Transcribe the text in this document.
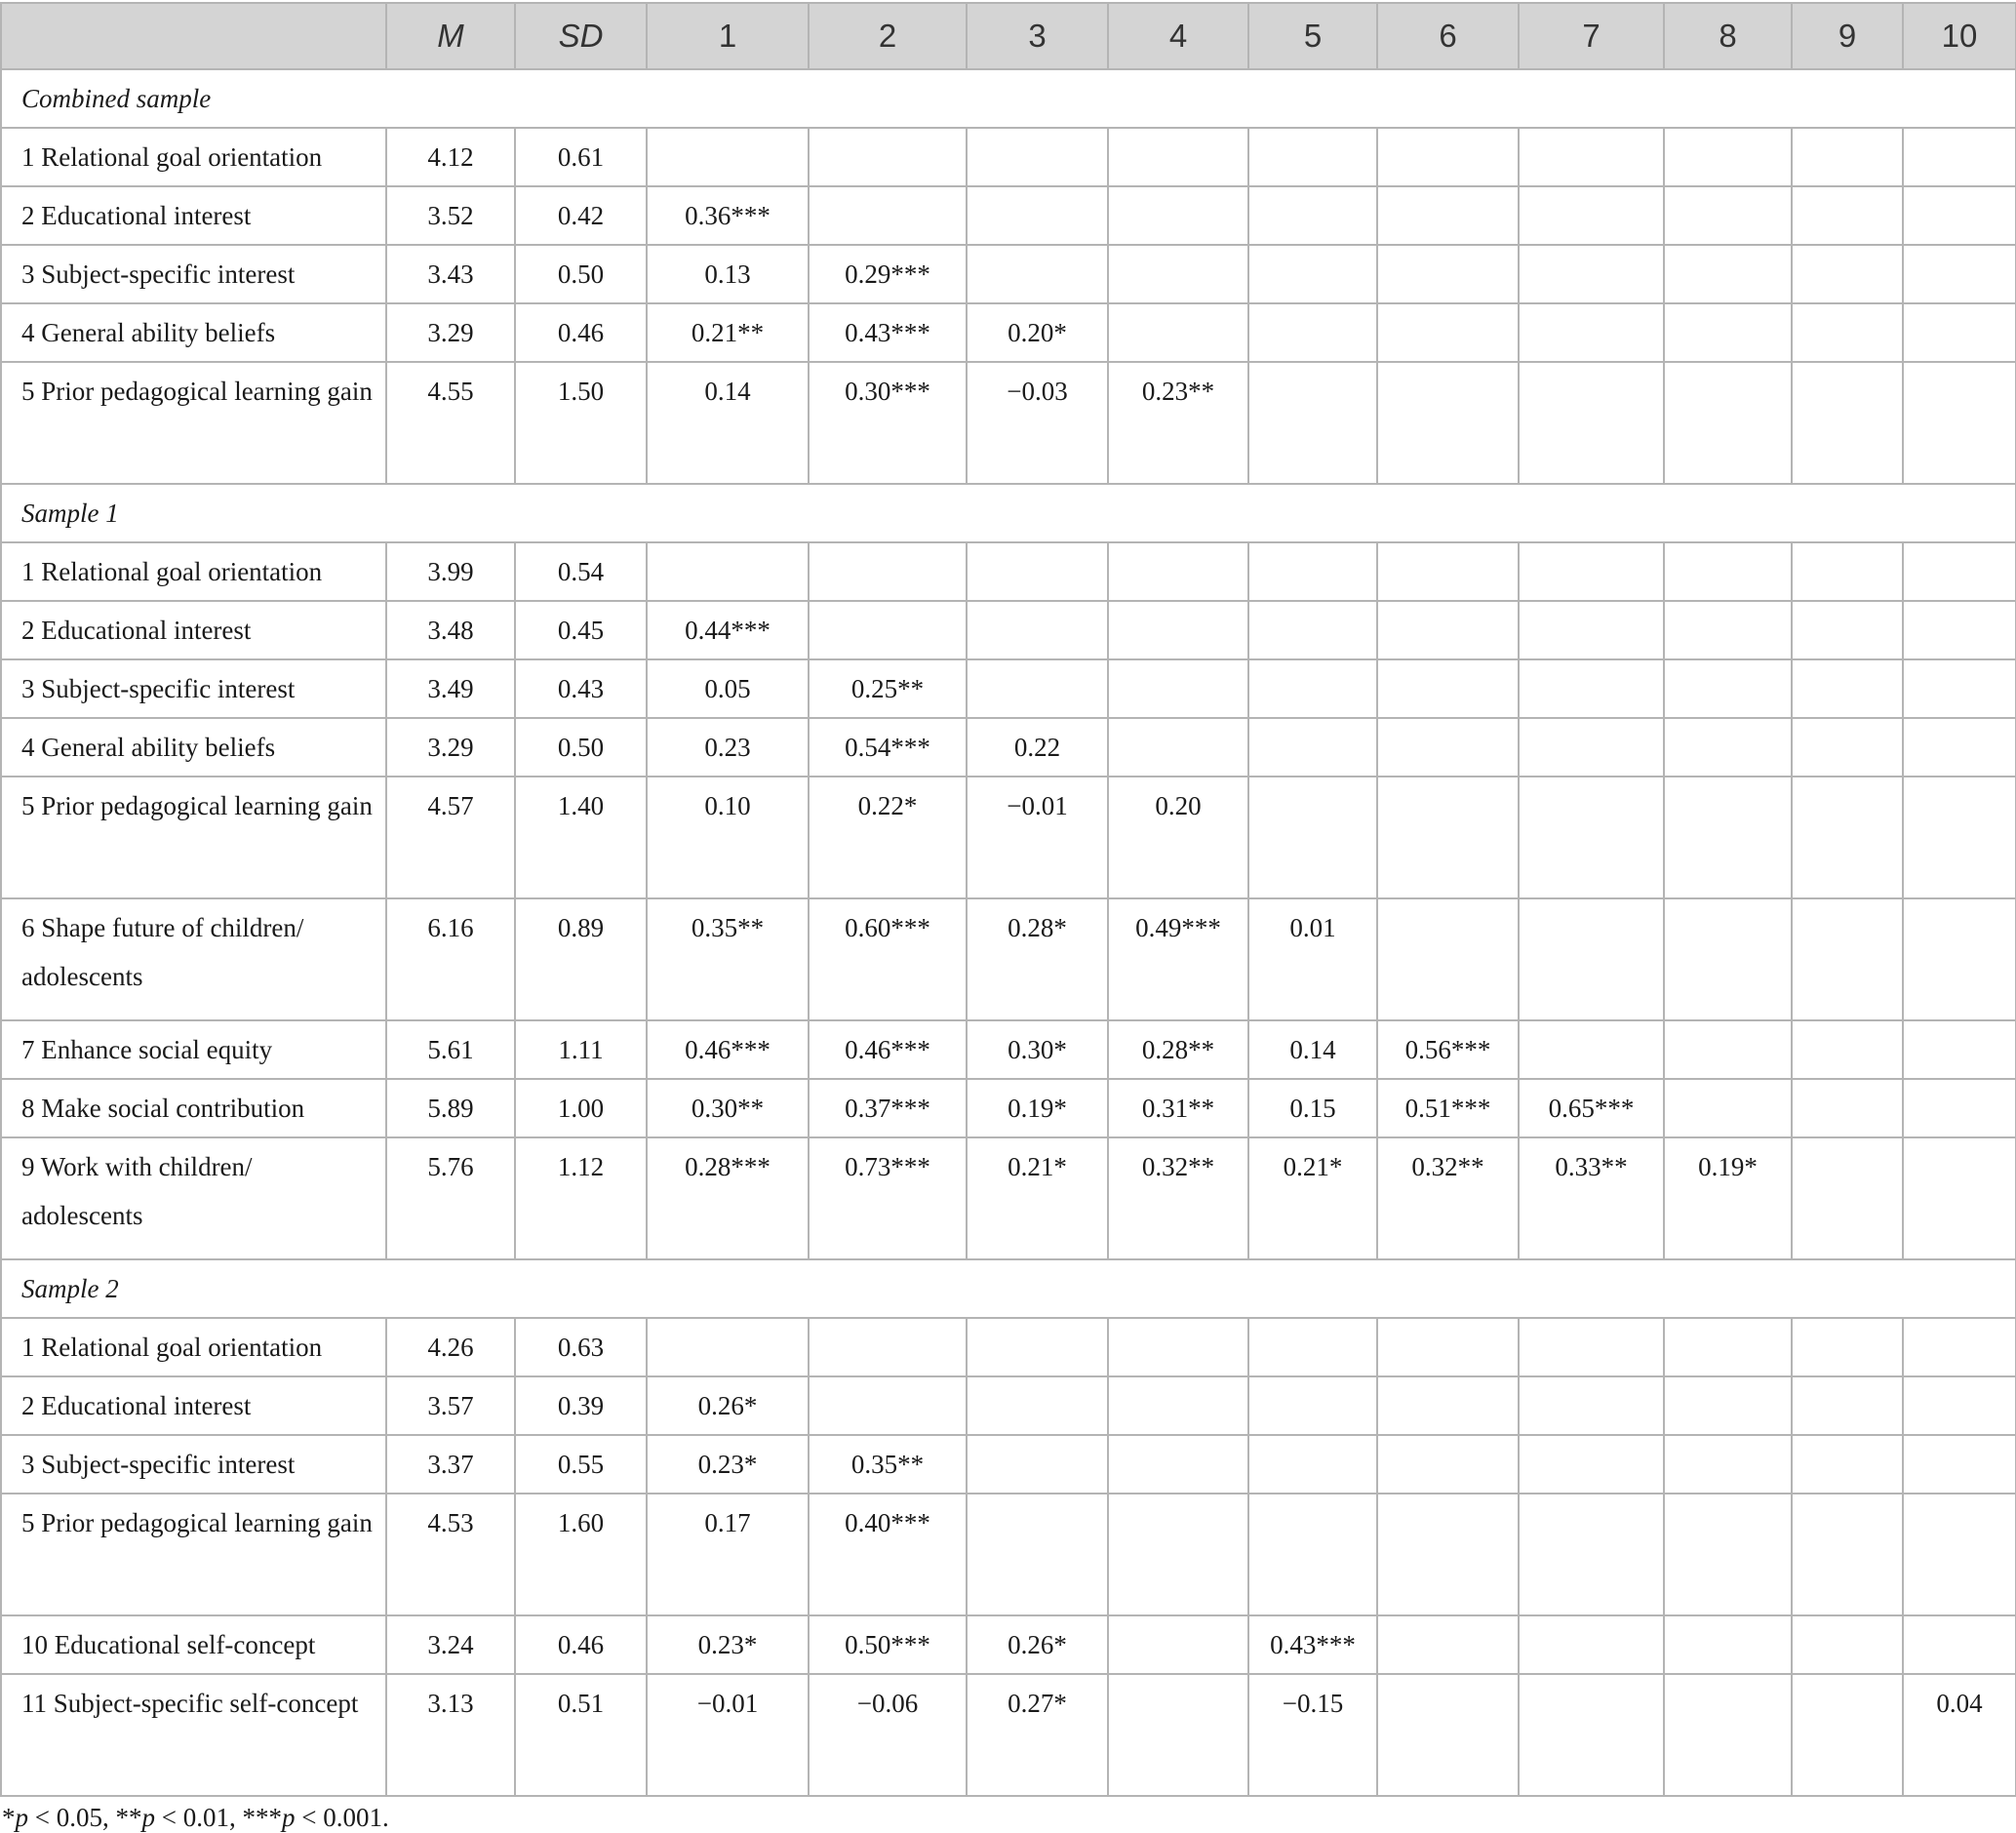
	M	SD	1	2	3	4	5	6	7	8	9	10
Combined sample												
1 Relational goal orientation	4.12	0.61										
2 Educational interest	3.52	0.42	0.36***									
3 Subject-specific interest	3.43	0.50	0.13	0.29***								
4 General ability beliefs	3.29	0.46	0.21**	0.43***	0.20*							
5 Prior pedagogical learning gain	4.55	1.50	0.14	0.30***	−0.03	0.23**						
Sample 1												
1 Relational goal orientation	3.99	0.54										
2 Educational interest	3.48	0.45	0.44***									
3 Subject-specific interest	3.49	0.43	0.05	0.25**								
4 General ability beliefs	3.29	0.50	0.23	0.54***	0.22							
5 Prior pedagogical learning gain	4.57	1.40	0.10	0.22*	−0.01	0.20						
6 Shape future of children/ adolescents	6.16	0.89	0.35**	0.60***	0.28*	0.49***	0.01					
7 Enhance social equity	5.61	1.11	0.46***	0.46***	0.30*	0.28**	0.14	0.56***				
8 Make social contribution	5.89	1.00	0.30**	0.37***	0.19*	0.31**	0.15	0.51***	0.65***			
9 Work with children/ adolescents	5.76	1.12	0.28***	0.73***	0.21*	0.32**	0.21*	0.32**	0.33**	0.19*		
Sample 2												
1 Relational goal orientation	4.26	0.63										
2 Educational interest	3.57	0.39	0.26*									
3 Subject-specific interest	3.37	0.55	0.23*	0.35**								
5 Prior pedagogical learning gain	4.53	1.60	0.17	0.40***								
10 Educational self-concept	3.24	0.46	0.23*	0.50***	0.26*		0.43***					
11 Subject-specific self-concept	3.13	0.51	−0.01	−0.06	0.27*		−0.15					0.04
*p < 0.05, **p < 0.01, ***p < 0.001.
